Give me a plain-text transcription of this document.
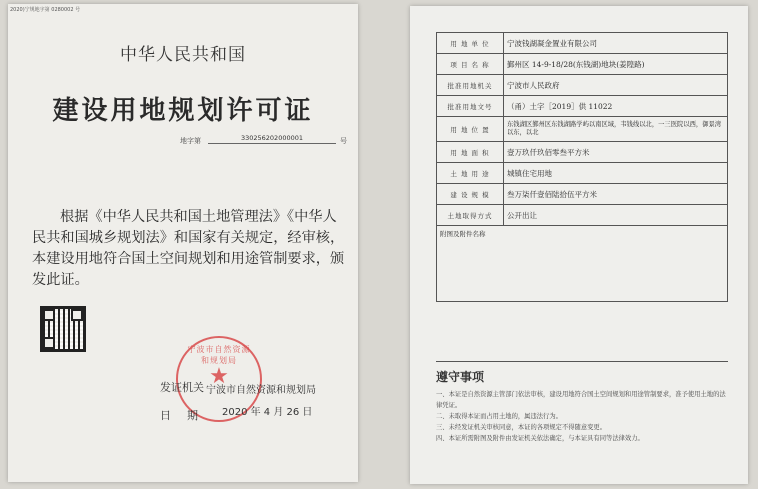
2020)宁规地字第 0280002 号
中华人民共和国
建设用地规划许可证
地字第	330256202000001	号
根据《中华人民共和国土地管理法》《中华人民共和国城乡规划法》和国家有关规定，经审核，本建设用地符合国土空间规划和用途管制要求，颁发此证。
宁波市自然资源和规划局
★
发证机关 宁波市自然资源和规划局
日期 2020 年 4 月 26 日
用 地 单 位	宁波钱湖凝金置业有限公司
项 目 名 称	鄞州区 14-9-18/28(东钱湖)地块(姜隍路)
批准用地机关	宁波市人民政府
批准用地文号	（甬）土字［2019］供 11022
用 地 位 置	东钱湖区鄞州区东钱湖路学屿以南区域，韦钱线以北，一三医院以西，御景湾以东，以北
用 地 面 积	壹万玖仟玖佰零叁平方米
土 地 用 途	城镇住宅用地
建 设 规 模	叁万柒仟壹佰陆拾伍平方米
土地取得方式	公开出让
附图及附件名称	
遵守事项
一、本证是自然资源主管部门依法审核，建设用地符合国土空间规划和用途管制要求，准予使用土地的法律凭证。
二、未取得本证而占用土地的，属违法行为。
三、未经发证机关审核同意，本证的各项规定不得随意变更。
四、本证所需附图及附件由发证机关依法确定，与本证具有同等法律效力。
